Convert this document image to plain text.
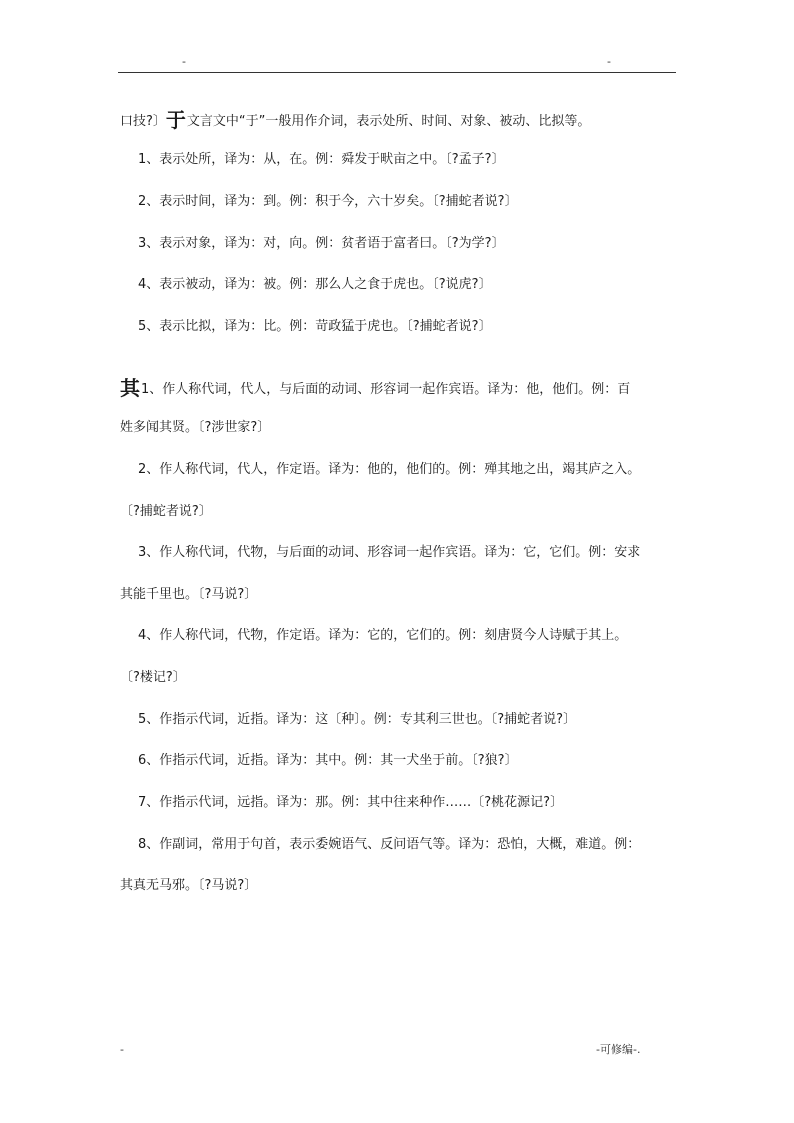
-	-
口技?〕于文言文中“于”一般用作介词，表示处所、时间、对象、被动、比拟等。
1、表示处所，译为：从，在。例：舜发于畎亩之中。〔?孟子?〕
2、表示时间，译为：到。例：积于今，六十岁矣。〔?捕蛇者说?〕
3、表示对象，译为：对，向。例：贫者语于富者曰。〔?为学?〕
4、表示被动，译为：被。例：那么人之食于虎也。〔?说虎?〕
5、表示比拟，译为：比。例：苛政猛于虎也。〔?捕蛇者说?〕
其1、作人称代词，代人，与后面的动词、形容词一起作宾语。译为：他，他们。例：百
姓多闻其贤。〔?涉世家?〕
2、作人称代词，代人，作定语。译为：他的，他们的。例：殚其地之出，竭其庐之入。
〔?捕蛇者说?〕
3、作人称代词，代物，与后面的动词、形容词一起作宾语。译为：它，它们。例：安求
其能千里也。〔?马说?〕
4、作人称代词，代物，作定语。译为：它的，它们的。例：刻唐贤今人诗赋于其上。
〔?楼记?〕
5、作指示代词，近指。译为：这〔种〕。例：专其利三世也。〔?捕蛇者说?〕
6、作指示代词，近指。译为：其中。例：其一犬坐于前。〔?狼?〕
7、作指示代词，远指。译为：那。例：其中往来种作……〔?桃花源记?〕
8、作副词，常用于句首，表示委婉语气、反问语气等。译为：恐怕，大概，难道。例：
其真无马邪。〔?马说?〕
-	-可修编-.
